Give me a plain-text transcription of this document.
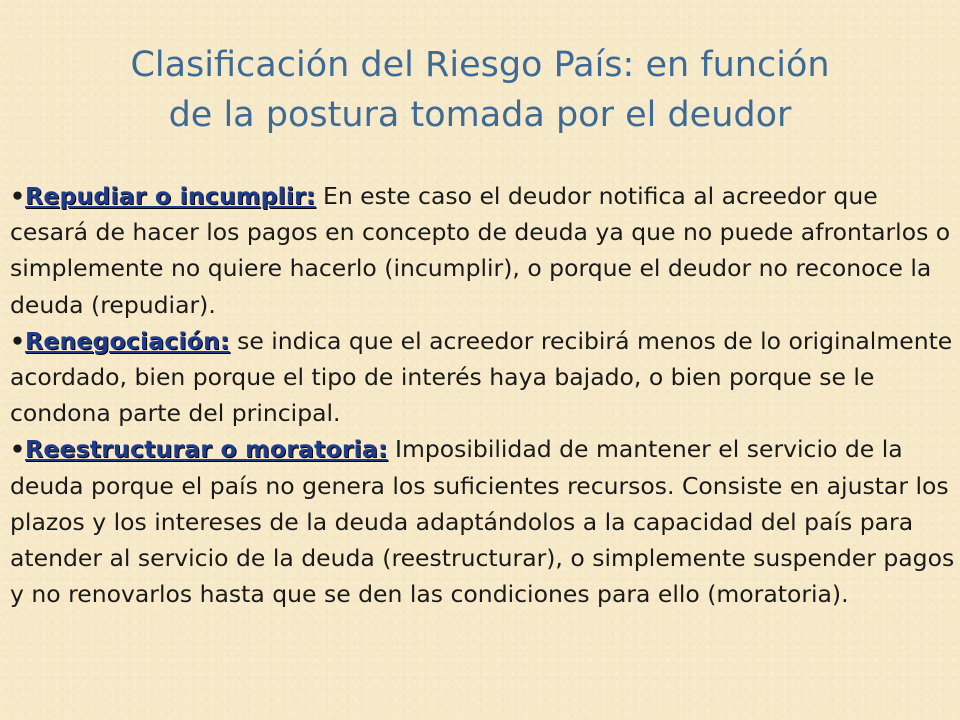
Clasificación del Riesgo País: en función
de la postura tomada por el deudor

•Repudiar o incumplir: En este caso el deudor notifica al acreedor que cesará de hacer los pagos en concepto de deuda ya que no puede afrontarlos o simplemente no quiere hacerlo (incumplir), o porque el deudor no reconoce la deuda (repudiar).

•Renegociación: se indica que el acreedor recibirá menos de lo originalmente acordado, bien porque el tipo de interés haya bajado, o bien porque se le condona parte del principal.

•Reestructurar o moratoria: Imposibilidad de mantener el servicio de la deuda porque el país no genera los suficientes recursos. Consiste en ajustar los plazos y los intereses de la deuda adaptándolos a la capacidad del país para atender al servicio de la deuda (reestructurar), o simplemente suspender pagos y no renovarlos hasta que se den las condiciones para ello (moratoria).
